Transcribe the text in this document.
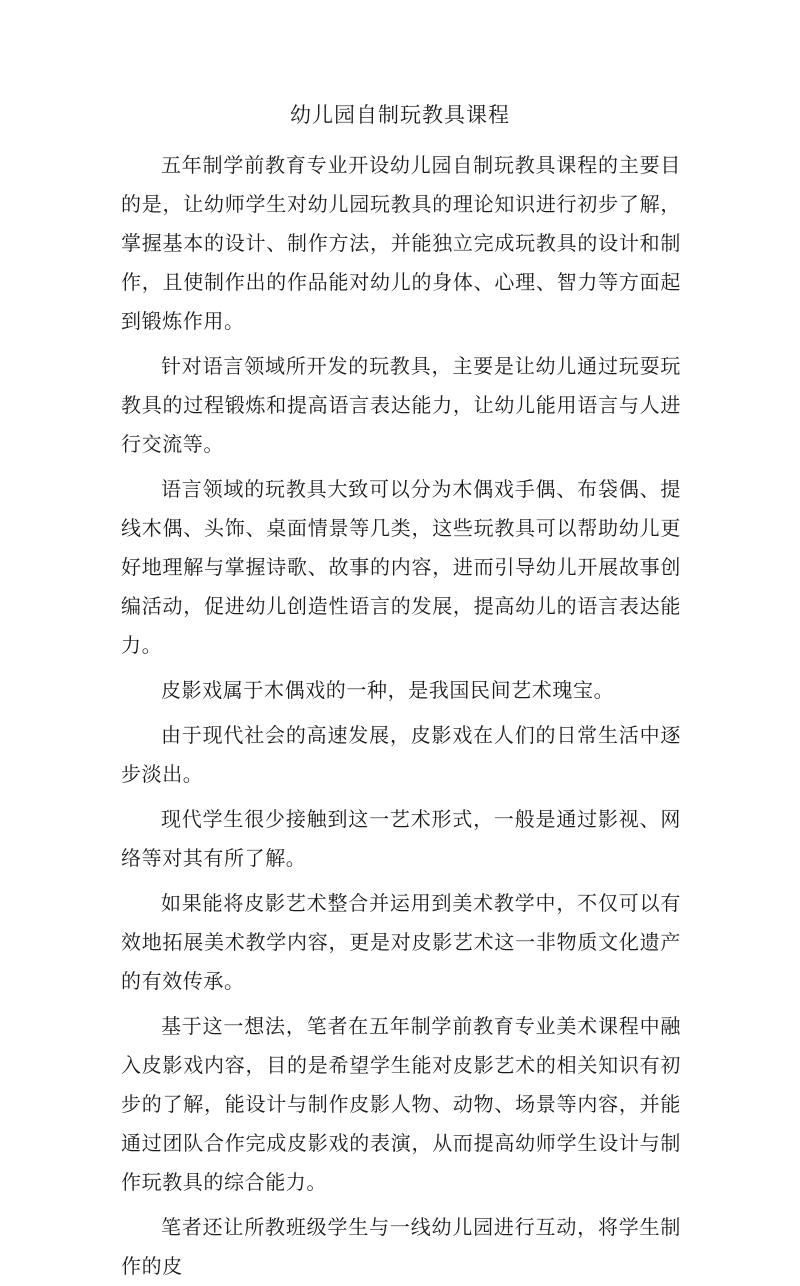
幼儿园自制玩教具课程

五年制学前教育专业开设幼儿园自制玩教具课程的主要目的是，让幼师学生对幼儿园玩教具的理论知识进行初步了解，掌握基本的设计、制作方法，并能独立完成玩教具的设计和制作，且使制作出的作品能对幼儿的身体、心理、智力等方面起到锻炼作用。

针对语言领域所开发的玩教具，主要是让幼儿通过玩耍玩教具的过程锻炼和提高语言表达能力，让幼儿能用语言与人进行交流等。

语言领域的玩教具大致可以分为木偶戏手偶、布袋偶、提线木偶、头饰、桌面情景等几类，这些玩教具可以帮助幼儿更好地理解与掌握诗歌、故事的内容，进而引导幼儿开展故事创编活动，促进幼儿创造性语言的发展，提高幼儿的语言表达能力。

皮影戏属于木偶戏的一种，是我国民间艺术瑰宝。

由于现代社会的高速发展，皮影戏在人们的日常生活中逐步淡出。

现代学生很少接触到这一艺术形式，一般是通过影视、网络等对其有所了解。

如果能将皮影艺术整合并运用到美术教学中，不仅可以有效地拓展美术教学内容，更是对皮影艺术这一非物质文化遗产的有效传承。

基于这一想法，笔者在五年制学前教育专业美术课程中融入皮影戏内容，目的是希望学生能对皮影艺术的相关知识有初步的了解，能设计与制作皮影人物、动物、场景等内容，并能通过团队合作完成皮影戏的表演，从而提高幼师学生设计与制作玩教具的综合能力。

笔者还让所教班级学生与一线幼儿园进行互动，将学生制作的皮
